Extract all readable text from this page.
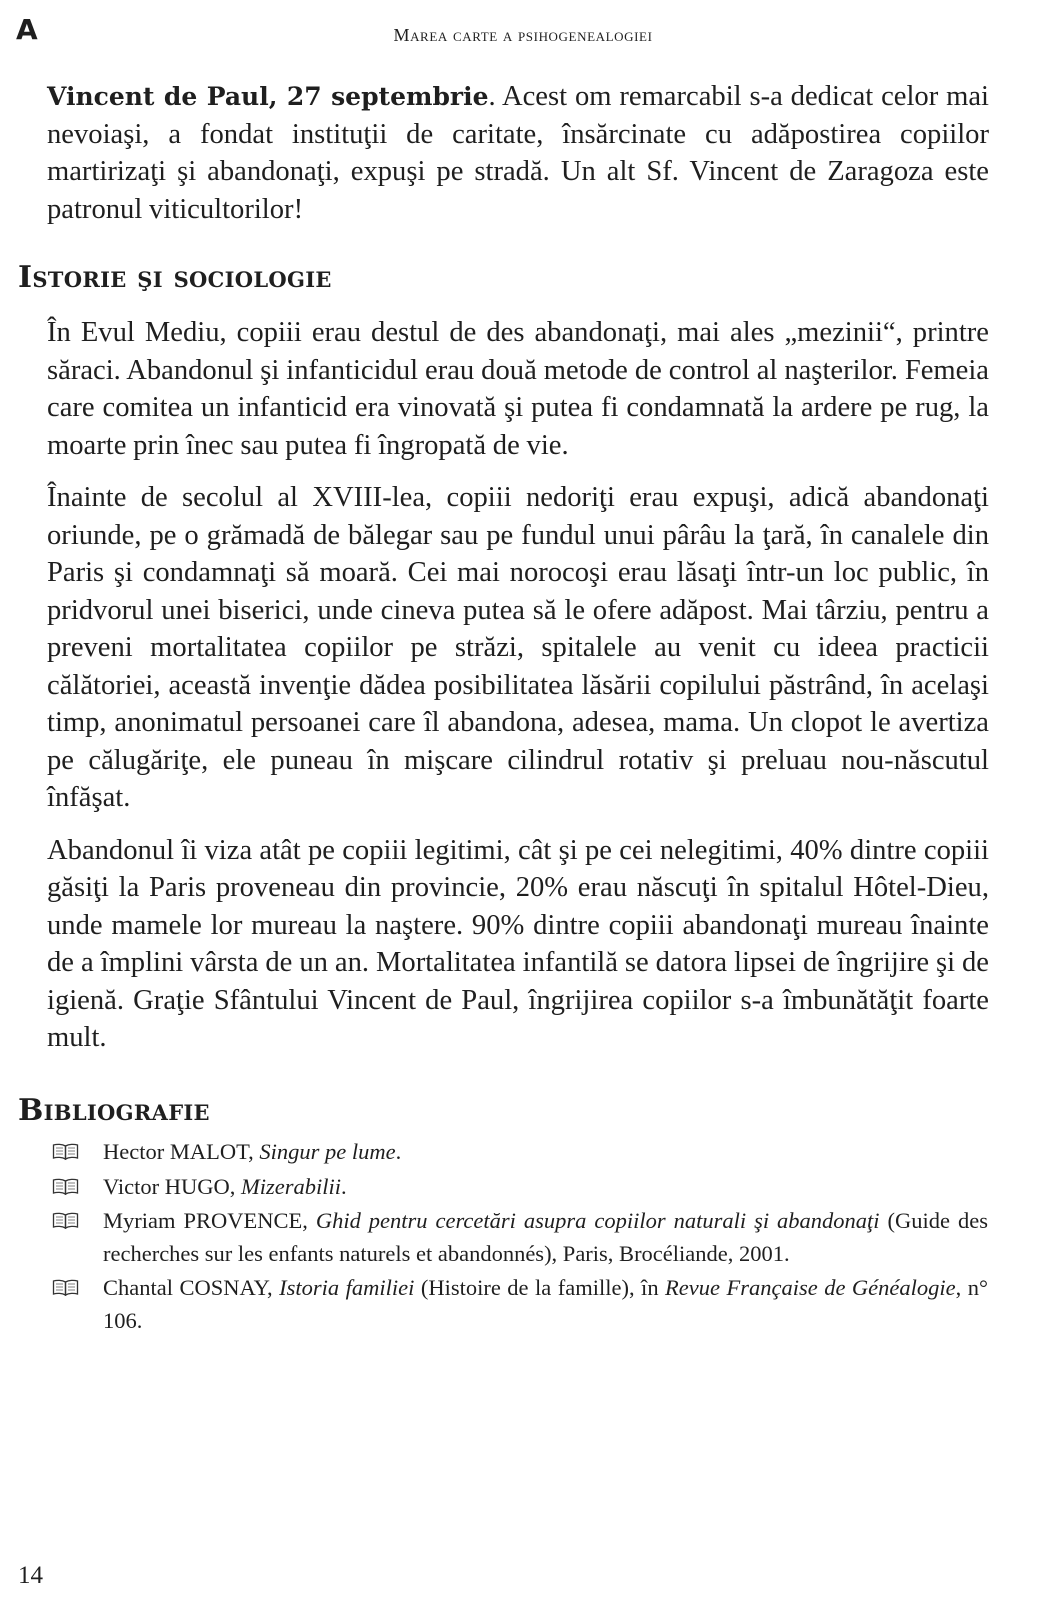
A	Marea carte a psihogenealogiei

Vincent de Paul, 27 septembrie. Acest om remarcabil s-a dedicat celor mai nevoiaşi, a fondat instituţii de caritate, însărcinate cu adăpostirea copiilor martirizaţi şi abandonaţi, expuşi pe stradă. Un alt Sf. Vincent de Zaragoza este patronul viticultorilor!

Istorie şi sociologie

În Evul Mediu, copiii erau destul de des abandonaţi, mai ales „mezinii“, printre săraci. Abandonul şi infanticidul erau două metode de control al naşterilor. Femeia care comitea un infanticid era vinovată şi putea fi condamnată la ardere pe rug, la moarte prin înec sau putea fi îngropată de vie.

Înainte de secolul al XVIII-lea, copiii nedoriţi erau expuşi, adică abandonaţi oriunde, pe o grămadă de bălegar sau pe fundul unui pârâu la ţară, în canalele din Paris şi condamnaţi să moară. Cei mai norocoşi erau lăsaţi într-un loc public, în pridvorul unei biserici, unde cineva putea să le ofere adăpost. Mai târziu, pentru a preveni mortalitatea copiilor pe străzi, spitalele au venit cu ideea practicii călătoriei, această invenţie dădea posibilitatea lăsării copilului păstrând, în acelaşi timp, anonimatul persoanei care îl abandona, adesea, mama. Un clopot le avertiza pe călugăriţe, ele puneau în mişcare cilindrul rotativ şi preluau nou-născutul înfăşat.

Abandonul îi viza atât pe copiii legitimi, cât şi pe cei nelegitimi, 40% dintre copiii găsiţi la Paris proveneau din provincie, 20% erau născuţi în spitalul Hôtel-Dieu, unde mamele lor mureau la naştere. 90% dintre copiii abandonaţi mureau înainte de a împlini vârsta de un an. Mortalitatea infantilă se datora lipsei de îngrijire şi de igienă. Graţie Sfântului Vincent de Paul, îngrijirea copiilor s-a îmbunătăţit foarte mult.

Bibliografie
Hector MALOT, Singur pe lume.
Victor HUGO, Mizerabilii.
Myriam PROVENCE, Ghid pentru cercetări asupra copiilor naturali şi abandonaţi (Guide des recherches sur les enfants naturels et abandonnés), Paris, Brocéliande, 2001.
Chantal COSNAY, Istoria familiei (Histoire de la famille), în Revue Française de Généalogie, n° 106.
14
